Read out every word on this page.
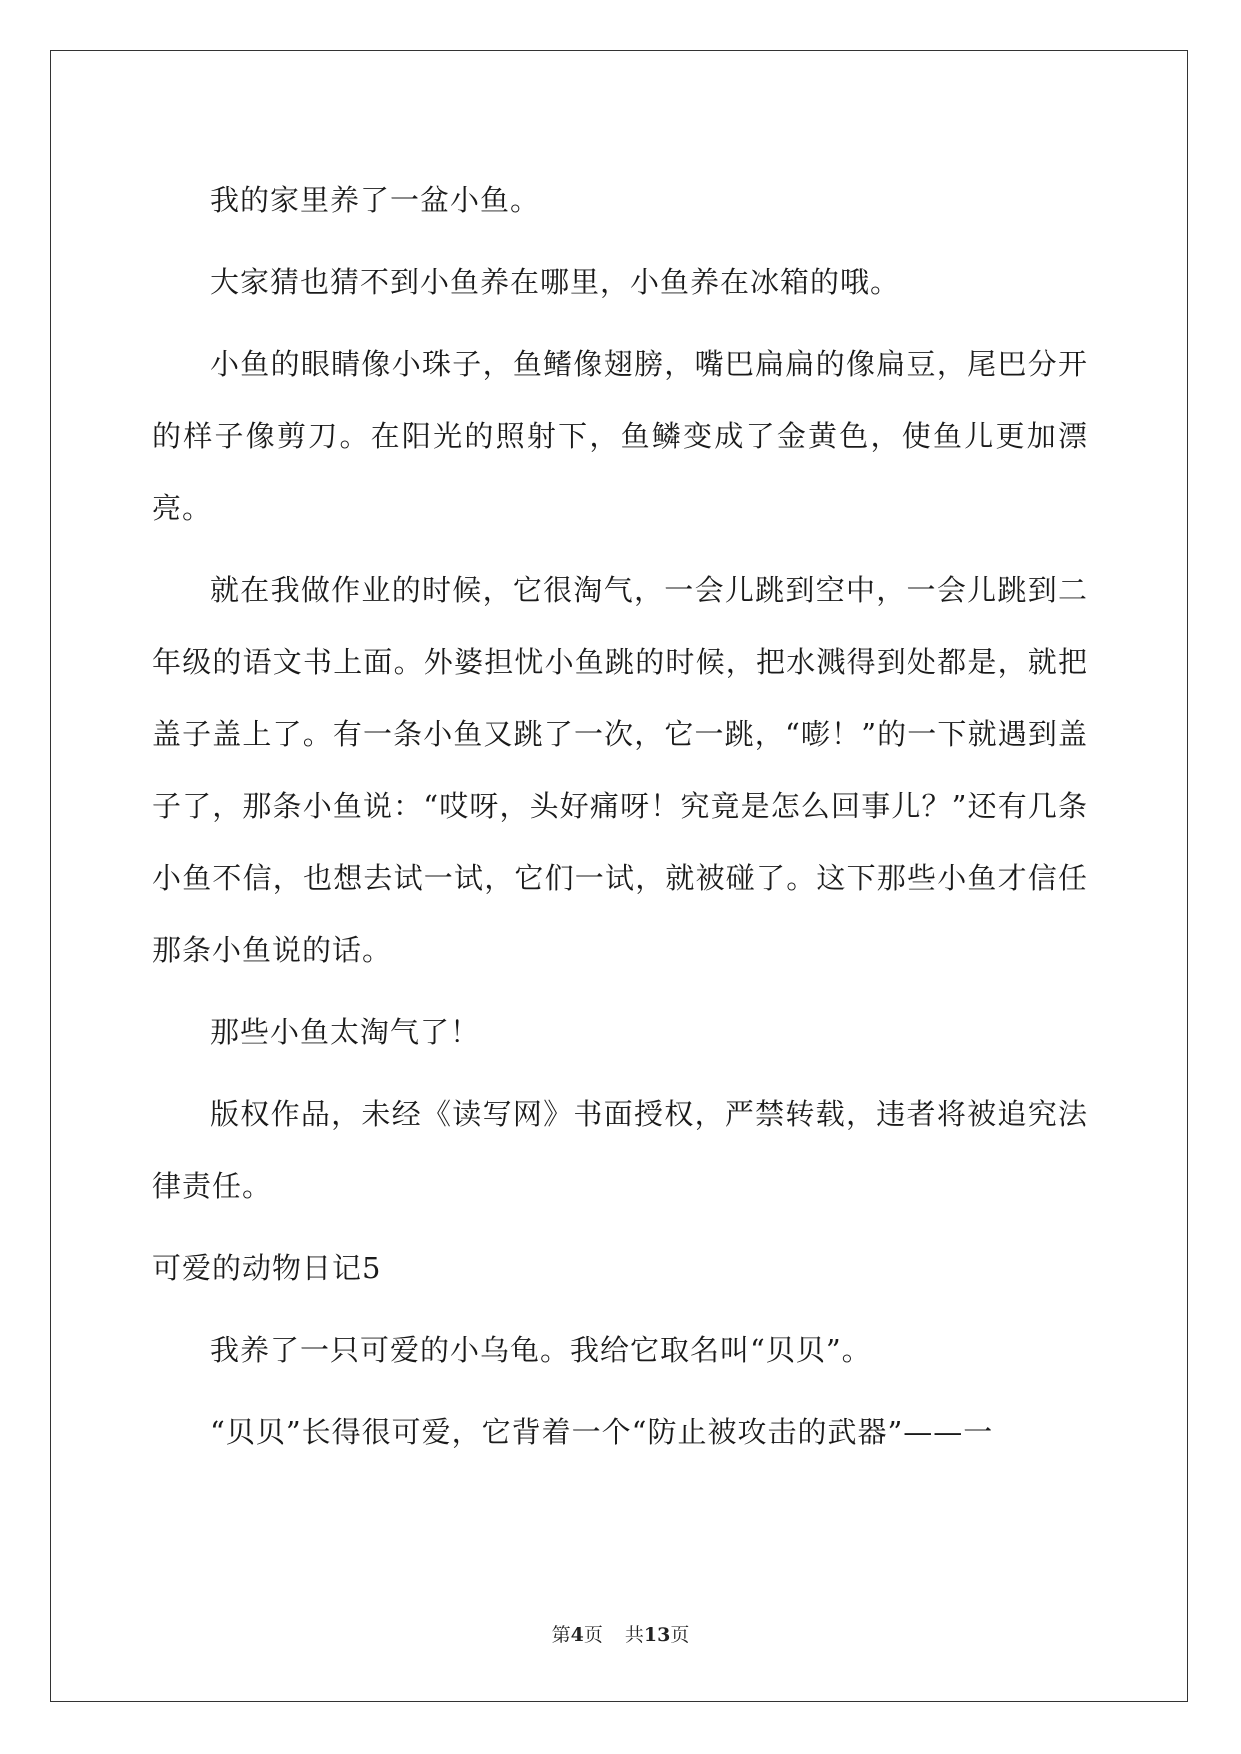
我的家里养了一盆小鱼。

大家猜也猜不到小鱼养在哪里，小鱼养在冰箱的哦。

小鱼的眼睛像小珠子，鱼鳍像翅膀，嘴巴扁扁的像扁豆，尾巴分开的样子像剪刀。在阳光的照射下，鱼鳞变成了金黄色，使鱼儿更加漂亮。

就在我做作业的时候，它很淘气，一会儿跳到空中，一会儿跳到二年级的语文书上面。外婆担忧小鱼跳的时候，把水溅得到处都是，就把盖子盖上了。有一条小鱼又跳了一次，它一跳，“嘭！”的一下就遇到盖子了，那条小鱼说：“哎呀，头好痛呀！究竟是怎么回事儿？”还有几条小鱼不信，也想去试一试，它们一试，就被碰了。这下那些小鱼才信任那条小鱼说的话。

那些小鱼太淘气了！

版权作品，未经《读写网》书面授权，严禁转载，违者将被追究法律责任。

可爱的动物日记5

我养了一只可爱的小乌龟。我给它取名叫“贝贝”。

“贝贝”长得很可爱，它背着一个“防止被攻击的武器”——一

第4页 共13页
